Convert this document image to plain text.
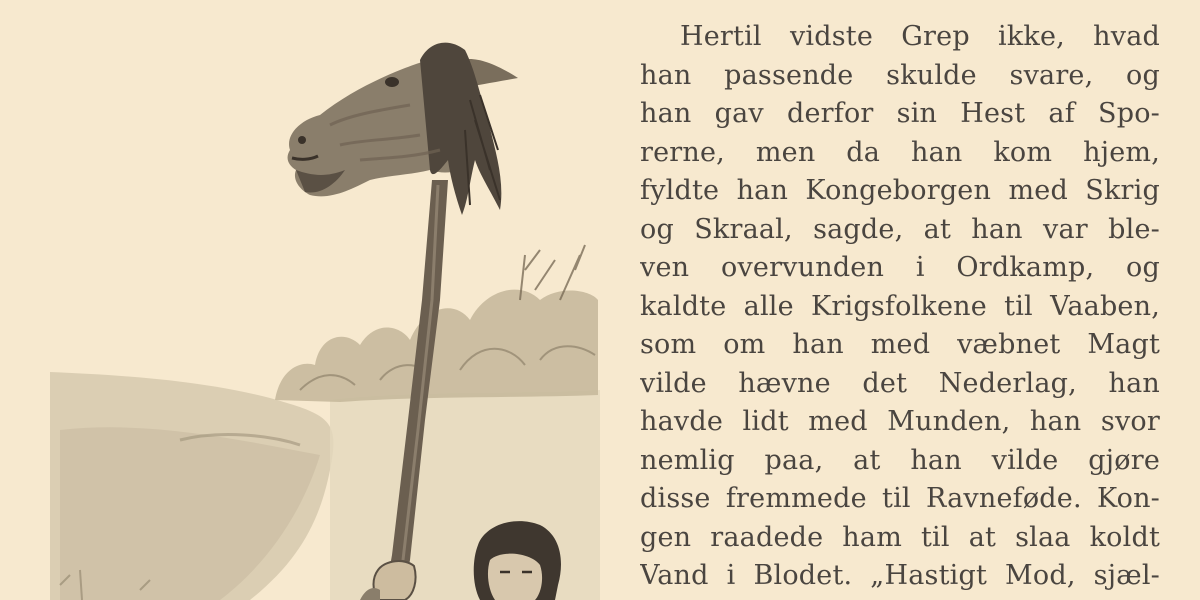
Hertil vidste Grep ikke, hvad
han passende skulde svare, og
han gav derfor sin Hest af Spo-
rerne, men da han kom hjem,
fyldte han Kongeborgen med Skrig
og Skraal, sagde, at han var ble-
ven overvunden i Ordkamp, og
kaldte alle Krigsfolkene til Vaaben,
som om han med væbnet Magt
vilde hævne det Nederlag, han
havde lidt med Munden, han svor
nemlig paa, at han vilde gjøre
disse fremmede til Ravneføde. Kon-
gen raadede ham til at slaa koldt
Vand i Blodet. „Hastigt Mod, sjæl-
